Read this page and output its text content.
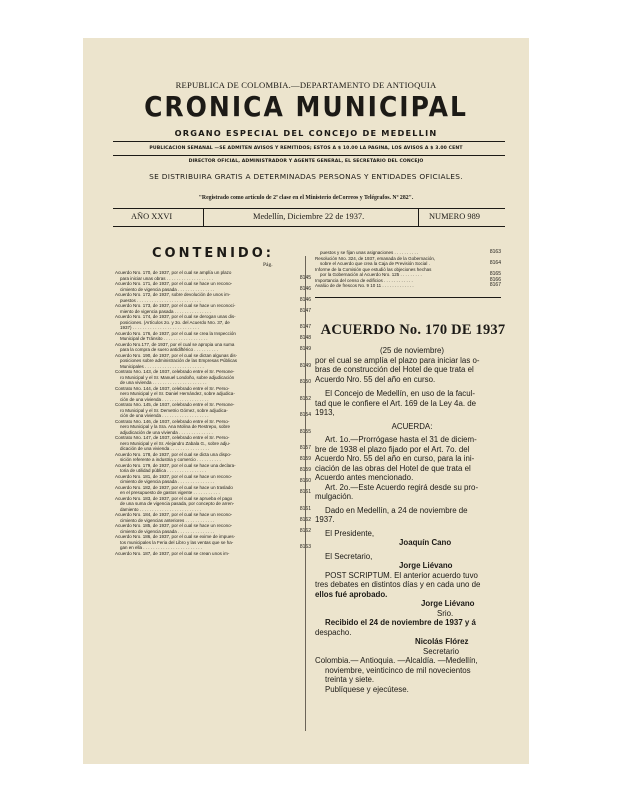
REPUBLICA DE COLOMBIA.—DEPARTAMENTO DE ANTIOQUIA
CRONICA MUNICIPAL
ORGANO ESPECIAL DEL CONCEJO DE MEDELLIN
PUBLICACION SEMANAL —SE ADMITEN AVISOS Y REMITIDOS; ESTOS A $ 10.00 LA PAGINA, LOS AVISOS A $ 3.00 CENT
DIRECTOR OFICIAL, ADMINISTRADOR Y AGENTE GENERAL, EL SECRETARIO DEL CONCEJO
SE DISTRIBUIRA GRATIS A DETERMINADAS PERSONAS Y ENTIDADES OFICIALES.
"Registrado como artículo de 2ª clase en el Ministerio deCorreos y Telégrafos. Nº 282".
AÑO XXVI	Medellín, Diciembre 22 de 1937.	NUMERO 989
CONTENIDO:
Pág.
Acuerdo Nro. 170, de 1937, por el cual se amplía un plazo
para iniciar unas obras . . . . . . . . . . . . . . . . . . .	8145
Acuerdo Nro. 171, de 1937, por el cual se hace un recono-
cimiento de vigencia pasada . . . . . . . . . . . . . . .	8146
Acuerdo Nro. 172, de 1937, sobre devolución de unos im-
puestos . . . . . . . . . . . . . . . . . . . . . . . . . .	8146
Acuerdo Nro. 173, de 1937, por el cual se hace un reconoci-
miento de vigencia pasada . . . . . . . . . . . . . . .	8147
Acuerdo Nro. 174, de 1937, por el cual se derogan unas dis-
posiciones. (Artículos 2o. y 3o. del Acuerdo Nro. 37, de
1937) . . . . . . . . . . . . . . . . . . . . . . . . . . .	8147
Acuerdo Nro. 176, de 1937, por el cual se crea la Inspección
Municipal de Tránsito . . . . . . . . . . . . . . . . . .	8148
Acuerdo Nro.177, de 1937, por el cual se apropia una suma
para la compra de suero antidiftérico . . . . . . . . . .	8149
Acuerdo Nro. 190, de 1937, por el cual se dictan algunas dis-
posiciones sobre administración de las Empresas Públicas
Municipales . . . . . . . . . . . . . . . . . . . . . . . .	8149
Contrato Nro. 143, de 1937, celebrado entre el Sr. Persone-
ro Municipal y el Sr. Manuel Londoño, sobre adjudicación
de una vivienda . . . . . . . . . . . . . . . . . . . . . .	8150
Contrato Nro. 144, de 1937, celebrado entre el Sr. Perso-
nero Municipal y el Sr. Daniel Hernández, sobre adjudica-
ción de una vivienda . . . . . . . . . . . . . . . . . . .	8152
Contrato Nro. 145, de 1937, celebrado entre el Sr. Persone-
ro Municipal y el Sr. Demetrio Gómez, sobre adjudica-
ción de una vivienda . . . . . . . . . . . . . . . . . . .	8154
Contrato Nro. 146, de 1937, celebrado entre el Sr. Perso-
nero Municipal y la Sra. Ana Molina de Restrepo, sobre
adjudicación de una vivienda . . . . . . . . . . . . . .	8155
Contrato Nro. 147, de 1937, celebrado entre el Sr. Perso-
nero Municipal y el Sr. Alejandro Zabala G., sobre adju-
dicación de una vivienda . . . . . . . . . . . . . . . .	8157
Acuerdo Nro. 178, de 1937, por el cual se dicta una dispo-
sición referente a industria y comercio . . . . . . . . . .	8159
Acuerdo Nro. 179, de 1937, por el cual se hace una declara-
toria de utilidad pública . . . . . . . . . . . . . . . .	8159
Acuerdo Nro. 181, de 1937, por el cual se hace un recono-
cimiento de vigencia pasada . . . . . . . . . . . . . . .	8160
Acuerdo Nro. 182, de 1937, por el cual se hace un traslado
en el presupuesto de gastos vigente . . . . . . . . . . .	8161
Acuerdo Nro. 183, de 1937, por el cual se aprueba el pago
de una suma de vigencia pasada, por concepto de arren-
damiento . . . . . . . . . . . . . . . . . . . . . . . . .	8161
Acuerdo Nro. 184, de 1937, por el cual se hace un recono-
cimiento de vigencias anteriores . . . . . . . . . . . .	8162
Acuerdo Nro. 185, de 1937, por el cual se hace un recono-
cimiento de vigencia pasada . . . . . . . . . . . . . . .	8162
Acuerdo Nro. 186, de 1937, por el cual se exime de impues-
tos municipales la Feria del Libro y las ventas que se ha-
gan en ella . . . . . . . . . . . . . . . . . . . . . . . .	8163
Acuerdo Nro. 187, de 1937, por el cual se crean unos im-
puestos y se fijan unas asignaciones . . . . . . . . . .	8163
Resolución Nro. 324, de 1937, emanada de la Gobernación,
sobre el Acuerdo que crea la Caja de Previsión Social .	8164
Informe de la Comisión que estudió las objeciones hechas
por la Gobernación al Acuerdo Nro. 125 . . . . . . . . .	8165
Importancia del censo de edificios . . . . . . . . . . . .	8166
Avalúo de de frescos No. 9 10 11 . . . . . . . . . . . . .	8167
ACUERDO No. 170 DE 1937
(25 de noviembre)
por el cual se amplía el plazo para iniciar las o-
bras de construcción del Hotel de que trata el
Acuerdo Nro. 55 del año en curso.
El Concejo de Medellín, en uso de la facul-
tad que le confiere el Art. 169 de la Ley 4a. de
1913,
ACUERDA:
Art. 1o.—Prorrógase hasta el 31 de diciem-
bre de 1938 el plazo fijado por el Art. 7o. del
Acuerdo Nro. 55 del año en curso, para la ini-
ciación de las obras del Hotel de que trata el
Acuerdo antes mencionado.
Art. 2o.—Este Acuerdo regirá desde su pro-
mulgación.
Dado en Medellín, a 24 de noviembre de
1937.
El Presidente,
Joaquín Cano
El Secretario,
Jorge Liévano
POST SCRIPTUM. El anterior acuerdo tuvo
tres debates en distintos días y en cada uno de
ellos fué aprobado.
Jorge Liévano
Srio.
Recibido el 24 de noviembre de 1937 y á
despacho.
Nicolás Flórez
Secretario
Colombia.— Antioquia. —Alcaldía. —Medellín,
noviembre, veinticinco de mil novecientos
treinta y siete.
Publíquese y ejecútese.
